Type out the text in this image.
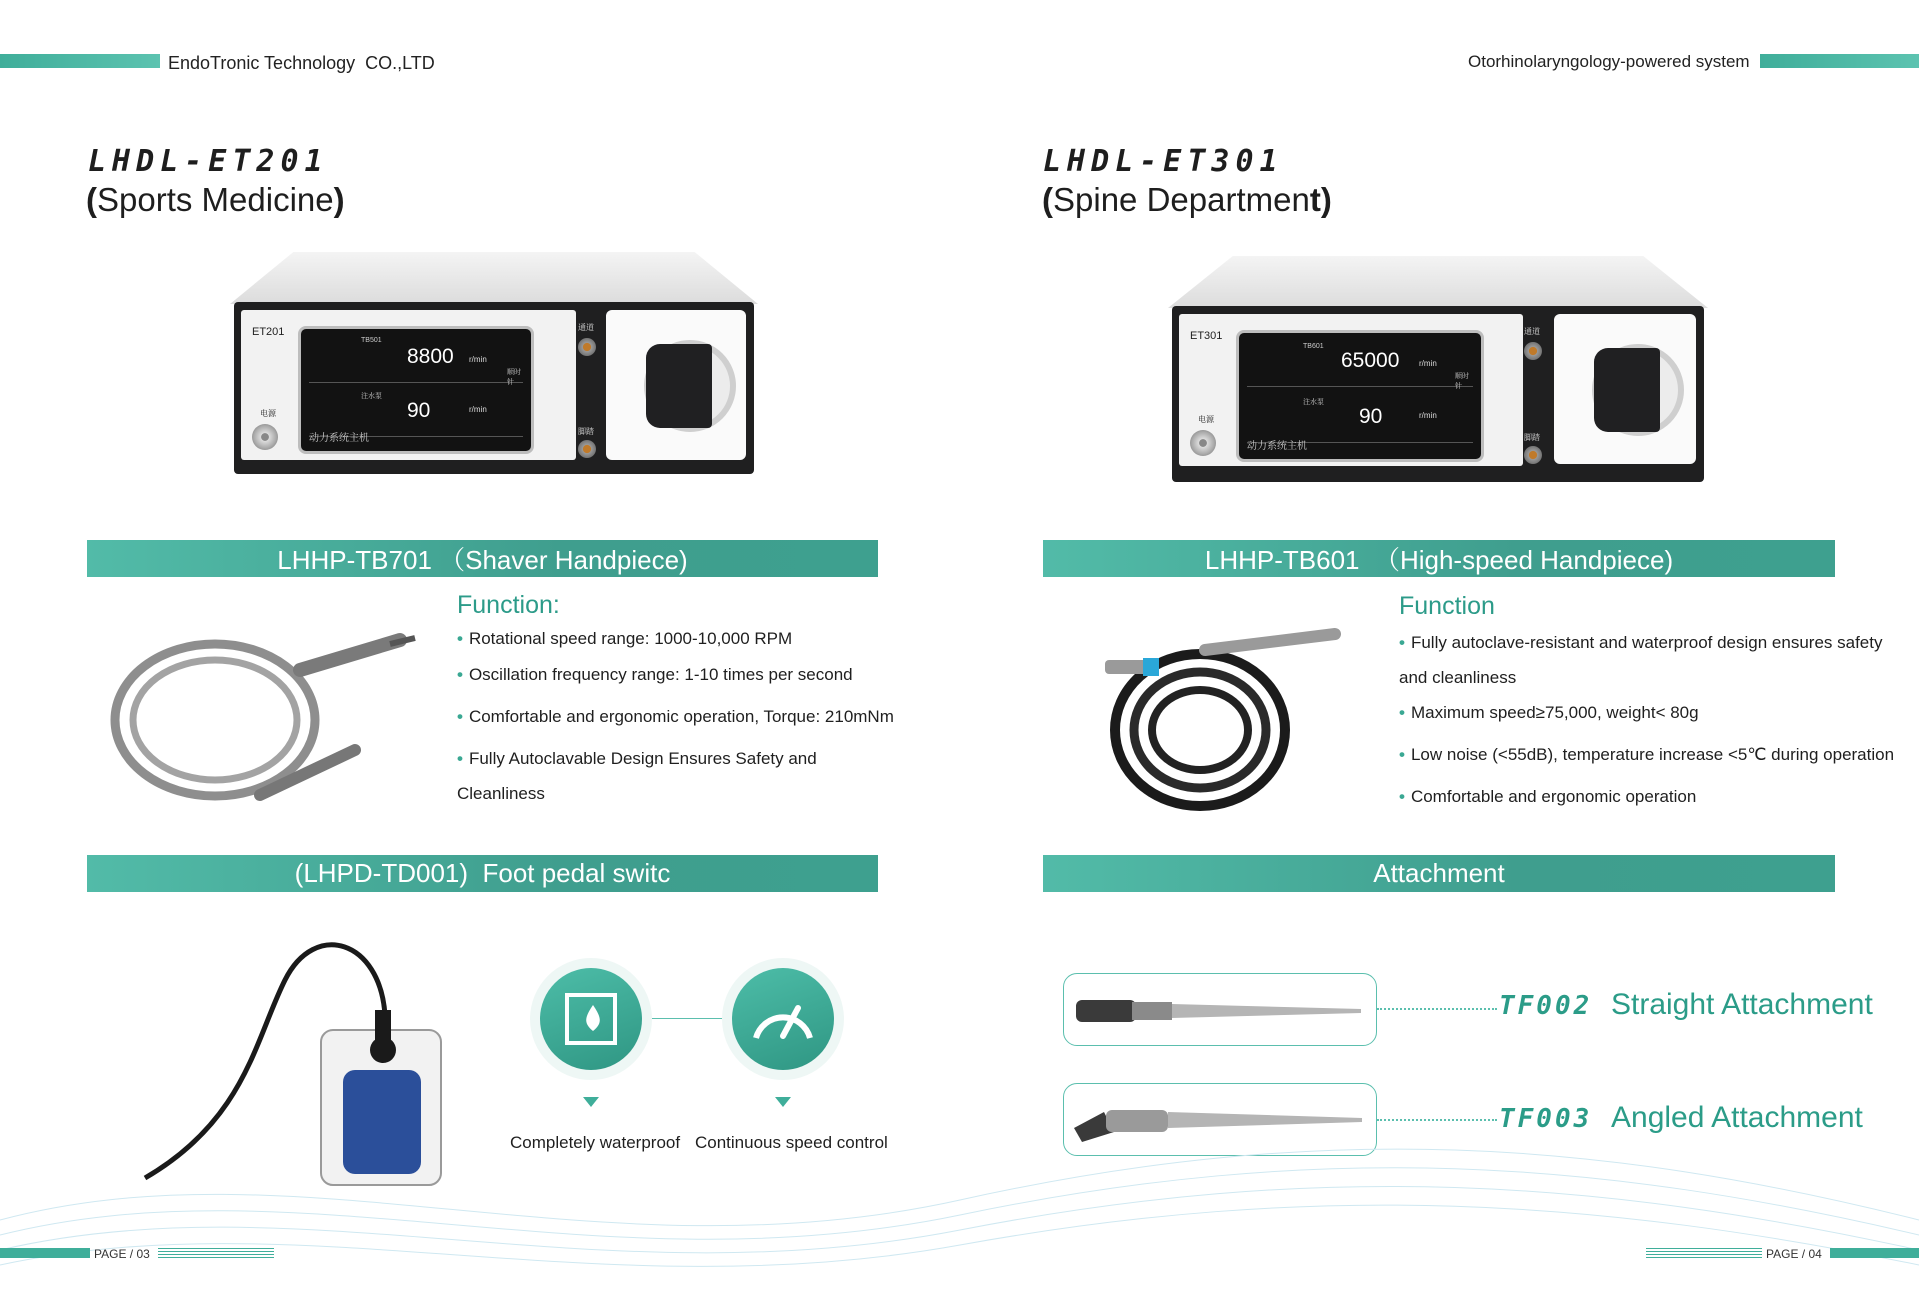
EndoTronic Technology  CO.,LTD	Otorhinolaryngology-powered system
LHDL-ET201
(Sports Medicine)
ET201
电源
TB501
8800 r/min
顺时针
注水泵
90	r/min
动力系统主机
通道
脚踏
LHDL-ET301
(Spine Department)
ET301
电源
TB601
65000 r/min
顺时针
注水泵
90	r/min
动力系统主机
通道
脚踏
LHHP-TB701 （Shaver Handpiece)
Function:
• Rotational speed range: 1000-10,000 RPM
• Oscillation frequency range: 1-10 times per second
• Comfortable and ergonomic operation, Torque: 210mNm
• Fully Autoclavable Design Ensures Safety and
Cleanliness
LHHP-TB601  （High-speed Handpiece)
Function
• Fully autoclave-resistant and waterproof design ensures safety
and cleanliness
• Maximum speed≥75,000, weight< 80g
• Low noise (<55dB), temperature increase <5℃ during operation
• Comfortable and ergonomic operation
(LHPD-TD001)  Foot pedal switc
Completely waterproof Continuous speed control
Attachment
TF002 Straight Attachment
TF003 Angled Attachment
PAGE / 03	PAGE / 04
